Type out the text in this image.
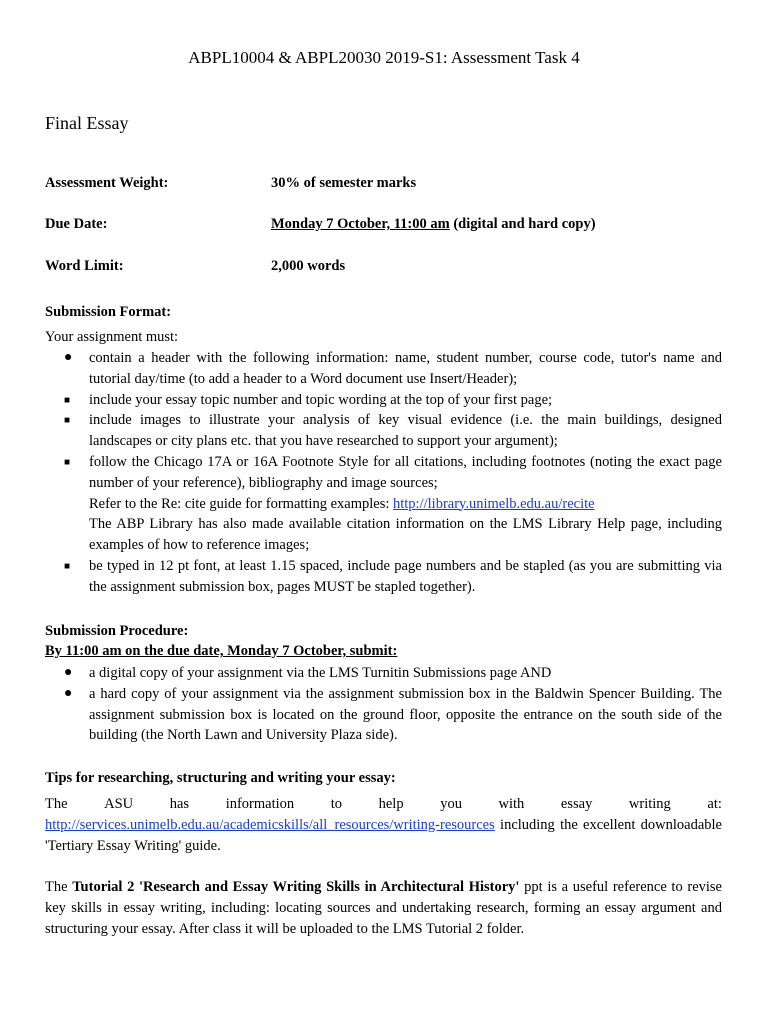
ABPL10004 & ABPL20030 2019-S1: Assessment Task 4
Final Essay
Assessment Weight:	30% of semester marks
Due Date:	Monday 7 October, 11:00 am (digital and hard copy)
Word Limit:	2,000 words
Submission Format:
Your assignment must:
● contain a header with the following information: name, student number, course code, tutor's name and tutorial day/time (to add a header to a Word document use Insert/Header);
■ include your essay topic number and topic wording at the top of your first page;
■ include images to illustrate your analysis of key visual evidence (i.e. the main buildings, designed landscapes or city plans etc. that you have researched to support your argument);
■ follow the Chicago 17A or 16A Footnote Style for all citations, including footnotes (noting the exact page number of your reference), bibliography and image sources;
Refer to the Re: cite guide for formatting examples: http://library.unimelb.edu.au/recite
The ABP Library has also made available citation information on the LMS Library Help page, including examples of how to reference images;
■ be typed in 12 pt font, at least 1.15 spaced, include page numbers and be stapled (as you are submitting via the assignment submission box, pages MUST be stapled together).
Submission Procedure:
By 11:00 am on the due date, Monday 7 October, submit:
● a digital copy of your assignment via the LMS Turnitin Submissions page AND
● a hard copy of your assignment via the assignment submission box in the Baldwin Spencer Building. The assignment submission box is located on the ground floor, opposite the entrance on the south side of the building (the North Lawn and University Plaza side).
Tips for researching, structuring and writing your essay:
The	ASU	has	information	to	help	you	with	essay	writing	at:
http://services.unimelb.edu.au/academicskills/all_resources/writing-resources including the excellent downloadable 'Tertiary Essay Writing' guide.
The Tutorial 2 'Research and Essay Writing Skills in Architectural History' ppt is a useful reference to revise key skills in essay writing, including: locating sources and undertaking research, forming an essay argument and structuring your essay. After class it will be uploaded to the LMS Tutorial 2 folder.
